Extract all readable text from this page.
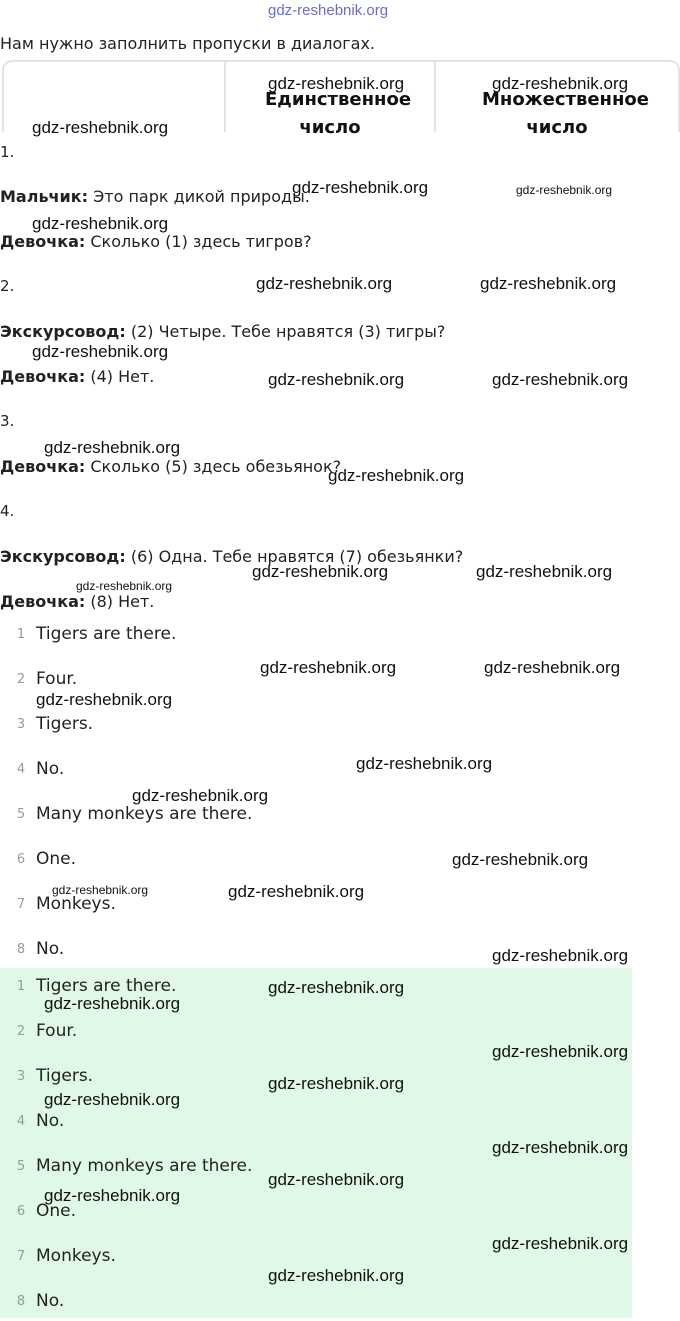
gdz-reshebnik.org
Нам нужно заполнить пропуски в диалогах.
Единственное число
Множественное число
1.
Мальчик: Это парк дикой природы.
Девочка: Сколько (1) здесь тигров?
2.
Экскурсовод: (2) Четыре. Тебе нравятся (3) тигры?
Девочка: (4) Нет.
3.
Девочка: Сколько (5) здесь обезьянок?
4.
Экскурсовод: (6) Одна. Тебе нравятся (7) обезьянки?
Девочка: (8) Нет.
1 Tigers are there.
2 Four.
3 Tigers.
4 No.
5 Many monkeys are there.
6 One.
7 Monkeys.
8 No.
1 Tigers are there.
2 Four.
3 Tigers.
4 No.
5 Many monkeys are there.
6 One.
7 Monkeys.
8 No.
gdz-reshebnik.org	gdz-reshebnik.org
gdz-reshebnik.org
gdz-reshebnik.org	gdz-reshebnik.org
gdz-reshebnik.org
gdz-reshebnik.org	gdz-reshebnik.org
gdz-reshebnik.org
gdz-reshebnik.org	gdz-reshebnik.org
gdz-reshebnik.org
gdz-reshebnik.org
gdz-reshebnik.org	gdz-reshebnik.org
gdz-reshebnik.org
gdz-reshebnik.org	gdz-reshebnik.org
gdz-reshebnik.org
gdz-reshebnik.org
gdz-reshebnik.org
gdz-reshebnik.org
gdz-reshebnik.org	gdz-reshebnik.org
gdz-reshebnik.org
gdz-reshebnik.org
gdz-reshebnik.org
gdz-reshebnik.org
gdz-reshebnik.org
gdz-reshebnik.org
gdz-reshebnik.org
gdz-reshebnik.org
gdz-reshebnik.org
gdz-reshebnik.org
gdz-reshebnik.org
